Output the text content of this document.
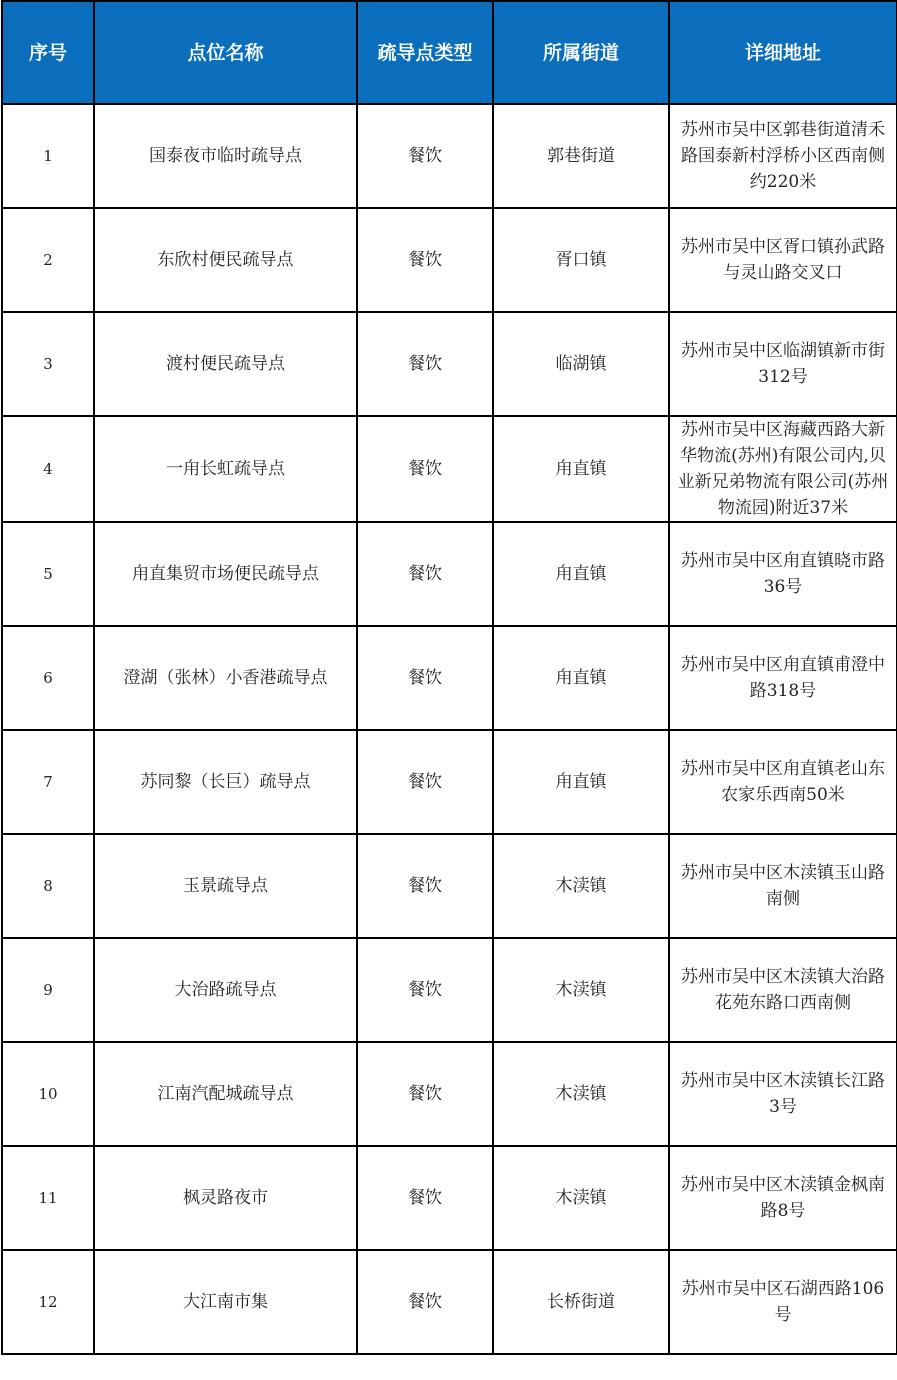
序号	点位名称	疏导点类型	所属街道	详细地址
1	国泰夜市临时疏导点	餐饮	郭巷街道	苏州市吴中区郭巷街道清禾路国泰新村浮桥小区西南侧约220米
2	东欣村便民疏导点	餐饮	胥口镇	苏州市吴中区胥口镇孙武路与灵山路交叉口
3	渡村便民疏导点	餐饮	临湖镇	苏州市吴中区临湖镇新市街312号
4	一甪长虹疏导点	餐饮	甪直镇	苏州市吴中区海藏西路大新华物流(苏州)有限公司内,贝业新兄弟物流有限公司(苏州物流园)附近37米
5	甪直集贸市场便民疏导点	餐饮	甪直镇	苏州市吴中区甪直镇晓市路36号
6	澄湖（张林）小香港疏导点	餐饮	甪直镇	苏州市吴中区甪直镇甫澄中路318号
7	苏同黎（长巨）疏导点	餐饮	甪直镇	苏州市吴中区甪直镇老山东农家乐西南50米
8	玉景疏导点	餐饮	木渎镇	苏州市吴中区木渎镇玉山路南侧
9	大治路疏导点	餐饮	木渎镇	苏州市吴中区木渎镇大治路花苑东路口西南侧
10	江南汽配城疏导点	餐饮	木渎镇	苏州市吴中区木渎镇长江路3号
11	枫灵路夜市	餐饮	木渎镇	苏州市吴中区木渎镇金枫南路8号
12	大江南市集	餐饮	长桥街道	苏州市吴中区石湖西路106号
